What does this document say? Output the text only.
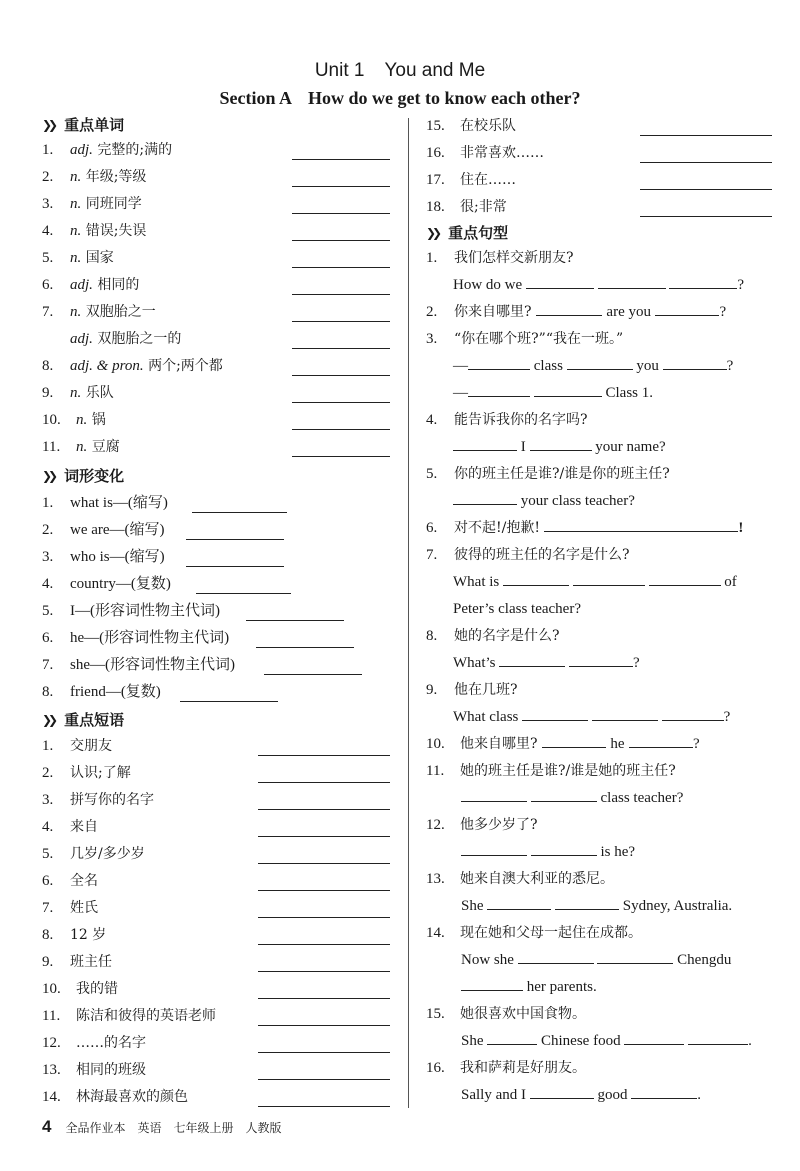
Unit 1 You and Me
Section A How do we get to know each other?
❯❯ 重点单词
1. adj. 完整的;满的
2. n. 年级;等级
3. n. 同班同学
4. n. 错误;失误
5. n. 国家
6. adj. 相同的
7. n. 双胞胎之一
adj. 双胞胎之一的
8. adj. & pron. 两个;两个都
9. n. 乐队
10. n. 锅
11. n. 豆腐
❯❯ 词形变化
1. what is—(缩写)
2. we are—(缩写)
3. who is—(缩写)
4. country—(复数)
5. I—(形容词性物主代词)
6. he—(形容词性物主代词)
7. she—(形容词性物主代词)
8. friend—(复数)
❯❯ 重点短语
1. 交朋友
2. 认识;了解
3. 拼写你的名字
4. 来自
5. 几岁/多少岁
6. 全名
7. 姓氏
8. 12 岁
9. 班主任
10. 我的错
11. 陈洁和彼得的英语老师
12. ……的名字
13. 相同的班级
14. 林海最喜欢的颜色
15. 在校乐队
16. 非常喜欢……
17. 住在……
18. 很;非常
❯❯ 重点句型
1. 我们怎样交新朋友?
How do we	?
2. 你来自哪里?	are you	?
3. “你在哪个班?”“我在一班。”
—	class	you	?
—	Class 1.
4. 能告诉我你的名字吗?
I	your name?
5. 你的班主任是谁?/谁是你的班主任?
your class teacher?
6. 对不起!/抱歉!	!
7. 彼得的班主任的名字是什么?
What is	of
Peter’s class teacher?
8. 她的名字是什么?
What’s	?
9. 他在几班?
What class	?
10. 他来自哪里?	he	?
11. 她的班主任是谁?/谁是她的班主任?
class teacher?
12. 他多少岁了?
is he?
13. 她来自澳大利亚的悉尼。
She	Sydney, Australia.
14. 现在她和父母一起住在成都。
Now she	Chengdu
her parents.
15. 她很喜欢中国食物。
She	Chinese food	.
16. 我和萨莉是好朋友。
Sally and I	good	.
4 全品作业本 英语 七年级上册 人教版
